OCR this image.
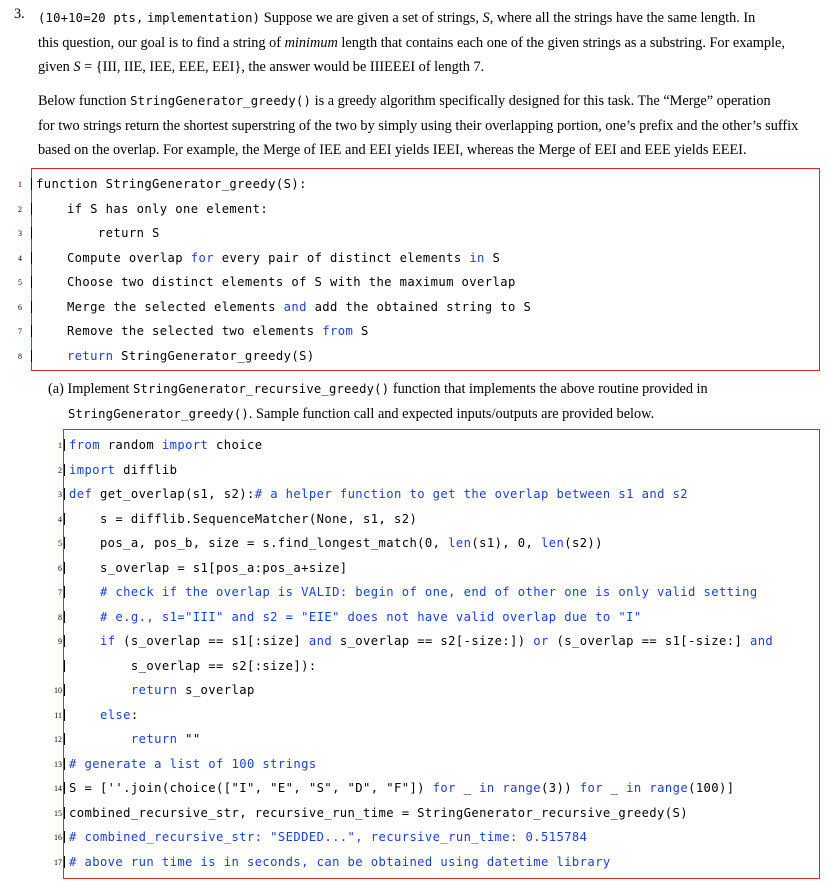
3. (10+10=20 pts, implementation) Suppose we are given a set of strings, S, where all the strings have the same length. In
this question, our goal is to find a string of minimum length that contains each one of the given strings as a substring. For example,
given S = {III, IIE, IEE, EEE, EEI}, the answer would be IIIEEEI of length 7.
Below function StringGenerator_greedy() is a greedy algorithm specifically designed for this task. The “Merge” operation
for two strings return the shortest superstring of the two by simply using their overlapping portion, one’s prefix and the other’s suffix
based on the overlap. For example, the Merge of IEE and EEI yields IEEI, whereas the Merge of EEI and EEE yields EEEI.
1 function StringGenerator_greedy(S):
2 if S has only one element:
3 return S
4 Compute overlap for every pair of distinct elements in S
5 Choose two distinct elements of S with the maximum overlap
6 Merge the selected elements and add the obtained string to S
7 Remove the selected two elements from S
8	return StringGenerator_greedy(S)
(a) Implement StringGenerator_recursive_greedy() function that implements the above routine provided in
StringGenerator_greedy(). Sample function call and expected inputs/outputs are provided below.
1 from random import choice
2 import difflib
3 def get_overlap(s1, s2):# a helper function to get the overlap between s1 and s2
4 s = difflib.SequenceMatcher(None, s1, s2)
5 pos_a, pos_b, size = s.find_longest_match(0, len(s1), 0, len(s2))
6 s_overlap = s1[pos_a:pos_a+size]
7	# check if the overlap is VALID: begin of one, end of other one is only valid setting
8	# e.g., s1="III" and s2 = "EIE" does not have valid overlap due to "I"
9	if (s_overlap == s1[:size] and s_overlap == s2[-size:]) or (s_overlap == s1[-size:] and
s_overlap == s2[:size]):
10	return s_overlap
11	else:
12	return ""
13 # generate a list of 100 strings
14 S = [''.join(choice(["I", "E", "S", "D", "F"]) for _ in range(3)) for _ in range(100)]
15 combined_recursive_str, recursive_run_time = StringGenerator_recursive_greedy(S)
16 # combined_recursive_str: "SEDDED...", recursive_run_time: 0.515784
17 # above run time is in seconds, can be obtained using datetime library
